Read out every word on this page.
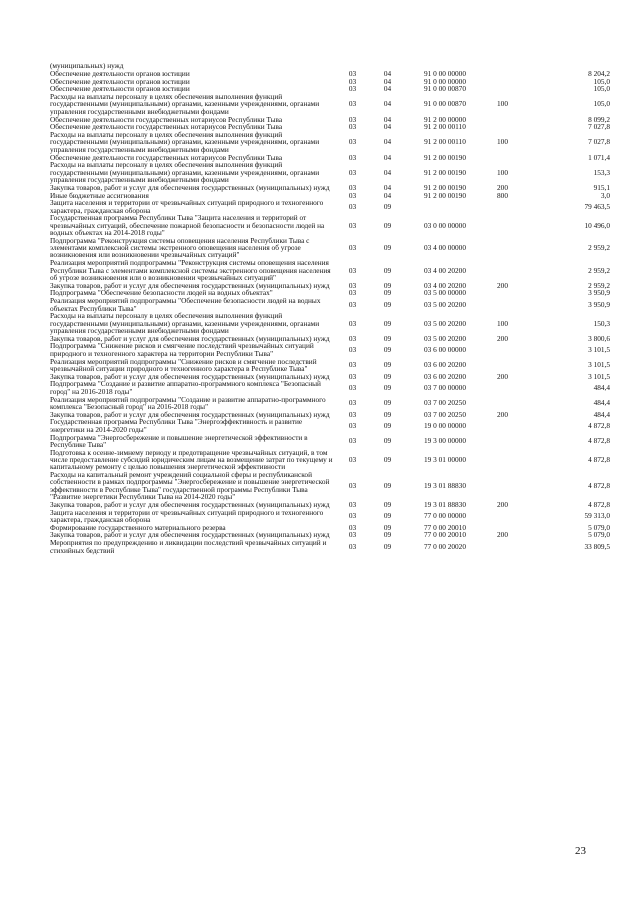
(муниципальных) нужд					
Обеспечение деятельности органов юстиции	03	04	91 0 00 00000		8 204,2
Обеспечение деятельности органов юстиции	03	04	91 0 00 00000		105,0
Обеспечение деятельности органов юстиции	03	04	91 0 00 00870		105,0
Расходы на выплаты персоналу в целях обеспечения выполнения функций государственными (муниципальными) органами, казенными учреждениями, органами управления государственными внебюджетными фондами	03	04	91 0 00 00870	100	105,0
Обеспечение деятельности государственных нотариусов Республики Тыва	03	04	91 2 00 00000		8 099,2
Обеспечение деятельности государственных нотариусов Республики Тыва	03	04	91 2 00 00110		7 027,8
Расходы на выплаты персоналу в целях обеспечения выполнения функций государственными (муниципальными) органами, казенными учреждениями, органами управления государственными внебюджетными фондами	03	04	91 2 00 00110	100	7 027,8
Обеспечение деятельности государственных нотариусов Республики Тыва	03	04	91 2 00 00190		1 071,4
Расходы на выплаты персоналу в целях обеспечения выполнения функций государственными (муниципальными) органами, казенными учреждениями, органами управления государственными внебюджетными фондами	03	04	91 2 00 00190	100	153,3
Закупка товаров, работ и услуг для обеспечения государственных (муниципальных) нужд	03	04	91 2 00 00190	200	915,1
Иные бюджетные ассигнования	03	04	91 2 00 00190	800	3,0
Защита населения и территории от чрезвычайных ситуаций природного и техногенного характера, гражданская оборона	03	09			79 463,5
Государственная программа Республики Тыва "Защита населения и территорий от чрезвычайных ситуаций, обеспечение пожарной безопасности и безопасности людей на водных объектах на 2014-2018 годы"	03	09	03 0 00 00000		10 496,0
Подпрограмма "Реконструкция системы оповещения населения Республики Тыва с элементами комплексной системы экстренного оповещения населения об угрозе возникновения или возникновении чрезвычайных ситуаций"	03	09	03 4 00 00000		2 959,2
Реализация мероприятий подпрограммы "Реконструкция системы оповещения населения Республики Тыва с элементами комплексной системы экстренного оповещения населения об угрозе возникновения или о возникновении чрезвычайных ситуаций"	03	09	03 4 00 20200		2 959,2
Закупка товаров, работ и услуг для обеспечения государственных (муниципальных) нужд	03	09	03 4 00 20200	200	2 959,2
Подпрограмма "Обеспечение безопасности людей на водных объектах"	03	09	03 5 00 00000		3 950,9
Реализация мероприятий подпрограммы "Обеспечение безопасности людей на водных объектах Республики Тыва"	03	09	03 5 00 20200		3 950,9
Расходы на выплаты персоналу в целях обеспечения выполнения функций государственными (муниципальными) органами, казенными учреждениями, органами управления государственными внебюджетными фондами	03	09	03 5 00 20200	100	150,3
Закупка товаров, работ и услуг для обеспечения государственных (муниципальных) нужд	03	09	03 5 00 20200	200	3 800,6
Подпрограмма "Снижение рисков и смягчение последствий чрезвычайных ситуаций природного и техногенного характера на территории Республики Тыва"	03	09	03 6 00 00000		3 101,5
Реализация мероприятий подпрограммы "Снижение рисков и смягчение последствий чрезвычайной ситуации природного и техногенного характера в Республике Тыва"	03	09	03 6 00 20200		3 101,5
Закупка товаров, работ и услуг для обеспечения государственных (муниципальных) нужд	03	09	03 6 00 20200	200	3 101,5
Подпрограмма "Создание и развитие аппаратно-программного комплекса "Безопасный город" на 2016-2018 годы"	03	09	03 7 00 00000		484,4
Реализация мероприятий подпрограммы "Создание и развитие аппаратно-программного комплекса "Безопасный город" на 2016-2018 годы"	03	09	03 7 00 20250		484,4
Закупка товаров, работ и услуг для обеспечения государственных (муниципальных) нужд	03	09	03 7 00 20250	200	484,4
Государственная программа Республики Тыва "Энергоэффективность и развитие энергетики на 2014-2020 годы"	03	09	19 0 00 00000		4 872,8
Подпрограмма "Энергосбережение и повышение энергетической эффективности в Республике Тыва"	03	09	19 3 00 00000		4 872,8
Подготовка к осенне-зимнему периоду и предотвращение чрезвычайных ситуаций, в том числе предоставление субсидий юридическим лицам на возмещение затрат по текущему и капитальному ремонту с целью повышения энергетической эффективности	03	09	19 3 01 00000		4 872,8
Расходы на капитальный ремонт учреждений социальной сферы и республиканской собственности в рамках подпрограммы "Энергосбережение и повышение энергетической эффективности в Республике Тыва" государственной программы Республики Тыва "Развитие энергетики Республики Тыва на 2014-2020 годы"	03	09	19 3 01 88830		4 872,8
Закупка товаров, работ и услуг для обеспечения государственных (муниципальных) нужд	03	09	19 3 01 88830	200	4 872,8
Защита населения и территории от чрезвычайных ситуаций природного и техногенного характера, гражданская оборона	03	09	77 0 00 00000		59 313,0
Формирование государственного материального резерва	03	09	77 0 00 20010		5 079,0
Закупка товаров, работ и услуг для обеспечения государственных (муниципальных) нужд	03	09	77 0 00 20010	200	5 079,0
Мероприятия по предупреждению и ликвидации последствий чрезвычайных ситуаций и стихийных бедствий	03	09	77 0 00 20020		33 809,5
23
